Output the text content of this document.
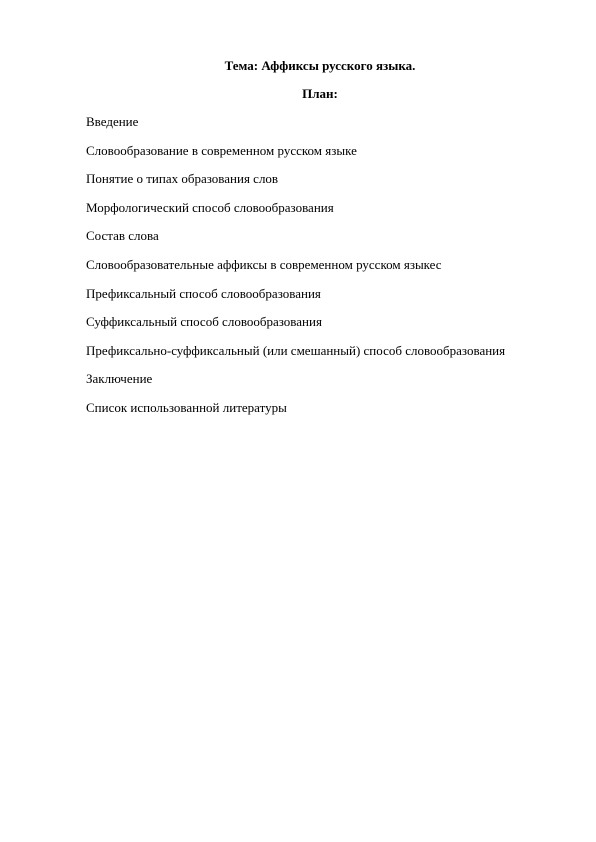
Тема: Аффиксы русского языка.
План:
Введение
Словообразование в современном русском языке
Понятие о типах образования слов
Морфологический способ словообразования
Состав слова
Словообразовательные аффиксы в современном русском языкес
Префиксальный способ словообразования
Суффиксальный способ словообразования
Префиксально-суффиксальный (или смешанный) способ словообразования
Заключение
Список использованной литературы
